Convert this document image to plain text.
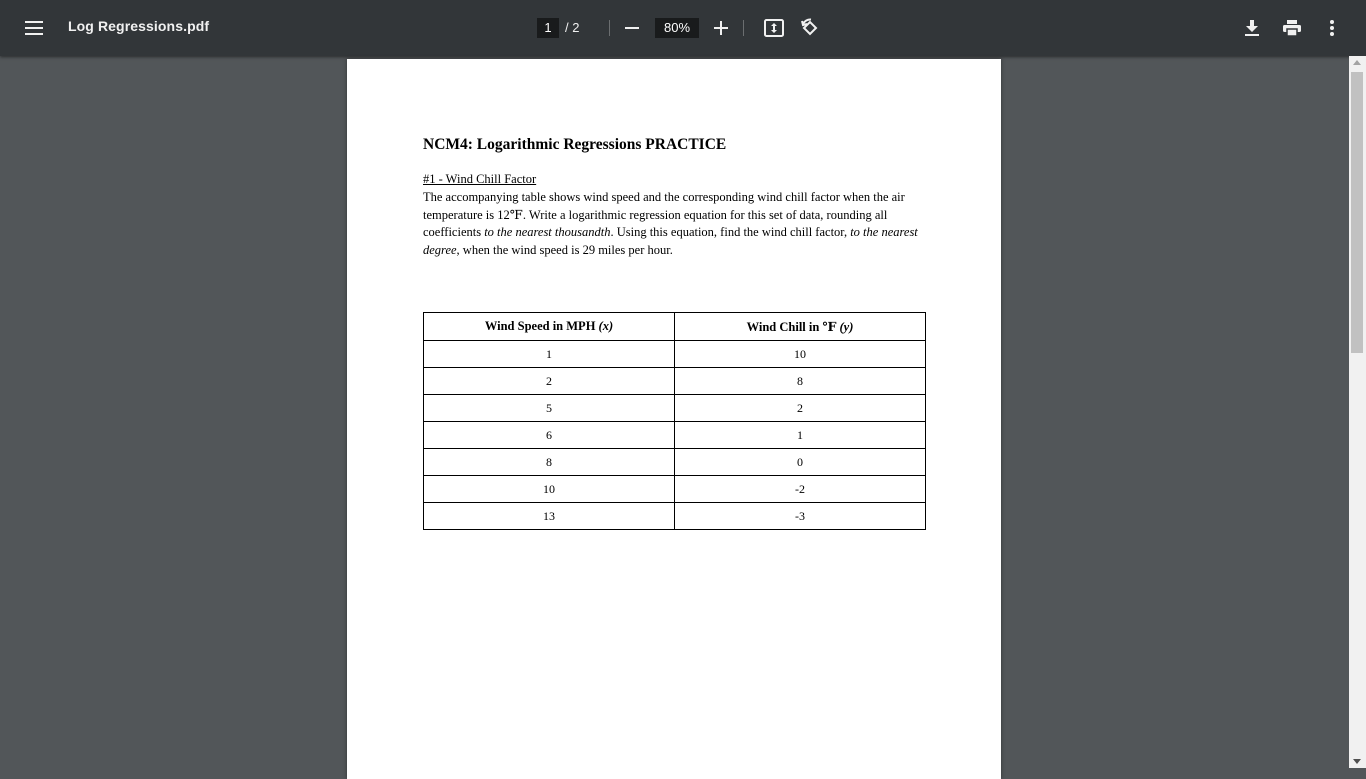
Log Regressions.pdf	1	/ 2	80%
NCM4: Logarithmic Regressions PRACTICE
#1 - Wind Chill Factor
The accompanying table shows wind speed and the corresponding wind chill factor when the air temperature is 12℉. Write a logarithmic regression equation for this set of data, rounding all coefficients to the nearest thousandth. Using this equation, find the wind chill factor, to the nearest degree, when the wind speed is 29 miles per hour.
Wind Speed in MPH (x)	Wind Chill in ℉ (y)
1	10
2	8
5	2
6	1
8	0
10	-2
13	-3
